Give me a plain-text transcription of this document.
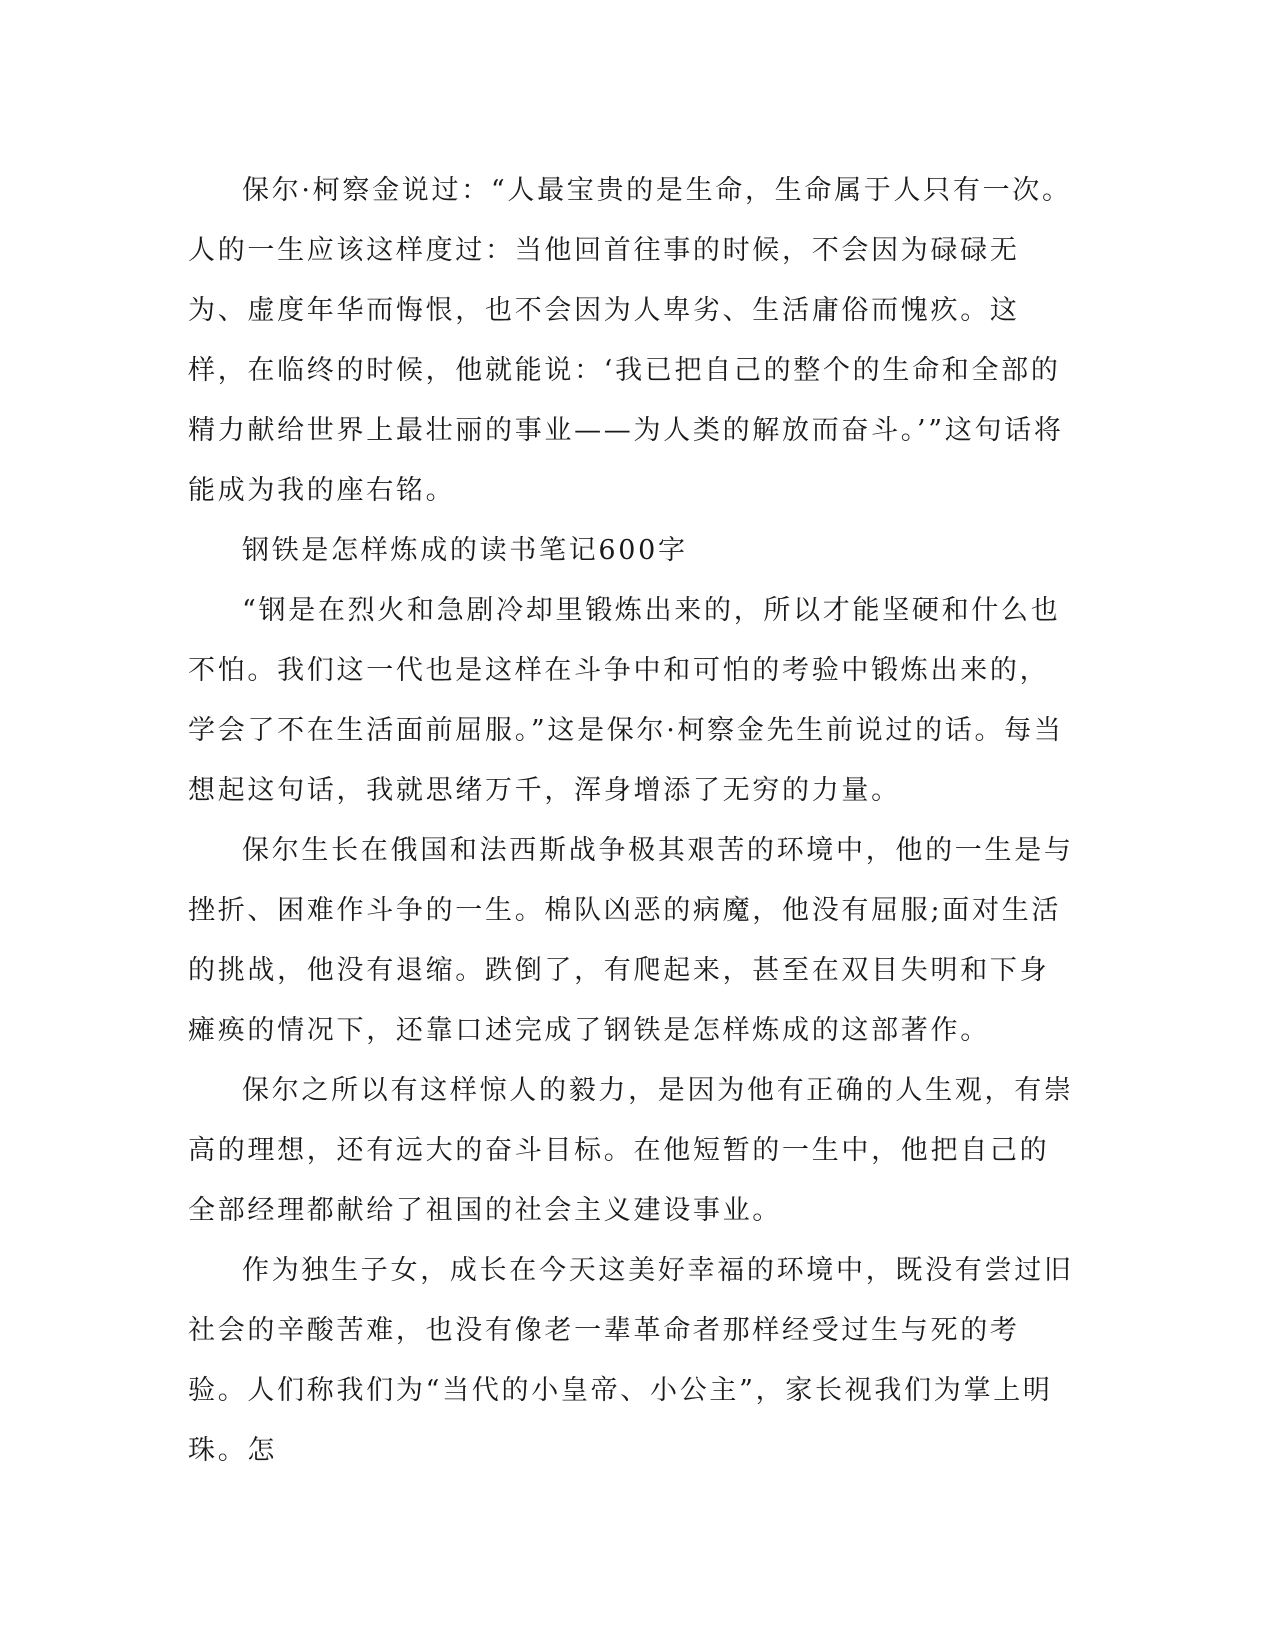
保尔·柯察金说过：“人最宝贵的是生命，生命属于人只有一次。人的一生应该这样度过：当他回首往事的时候，不会因为碌碌无为、虚度年华而悔恨，也不会因为人卑劣、生活庸俗而愧疚。这样，在临终的时候，他就能说：‘我已把自己的整个的生命和全部的精力献给世界上最壮丽的事业——为人类的解放而奋斗。’”这句话将能成为我的座右铭。

钢铁是怎样炼成的读书笔记600字

“钢是在烈火和急剧冷却里锻炼出来的，所以才能坚硬和什么也不怕。我们这一代也是这样在斗争中和可怕的考验中锻炼出来的，学会了不在生活面前屈服。”这是保尔·柯察金先生前说过的话。每当想起这句话，我就思绪万千，浑身增添了无穷的力量。

保尔生长在俄国和法西斯战争极其艰苦的环境中，他的一生是与挫折、困难作斗争的一生。棉队凶恶的病魔，他没有屈服;面对生活的挑战，他没有退缩。跌倒了，有爬起来，甚至在双目失明和下身瘫痪的情况下，还靠口述完成了钢铁是怎样炼成的这部著作。

保尔之所以有这样惊人的毅力，是因为他有正确的人生观，有崇高的理想，还有远大的奋斗目标。在他短暂的一生中，他把自己的全部经理都献给了祖国的社会主义建设事业。

作为独生子女，成长在今天这美好幸福的环境中，既没有尝过旧社会的辛酸苦难，也没有像老一辈革命者那样经受过生与死的考验。人们称我们为“当代的小皇帝、小公主”，家长视我们为掌上明珠。怎
